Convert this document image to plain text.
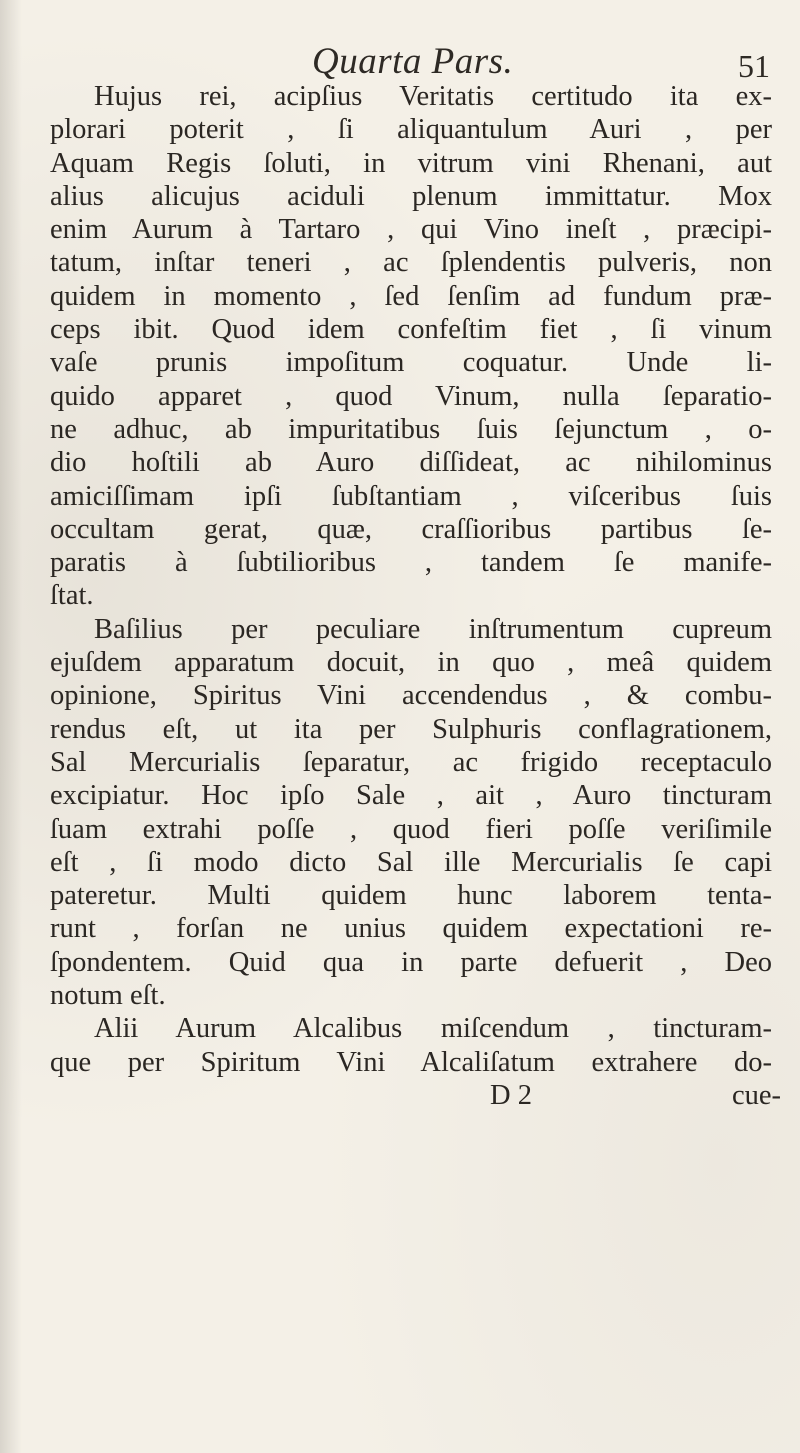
Quarta Pars.	51
Hujus rei, acipſius Veritatis certitudo ita ex-
plorari poterit , ſi aliquantulum Auri , per
Aquam Regis ſoluti, in vitrum vini Rhenani, aut
alius alicujus aciduli plenum immittatur. Mox
enim Aurum à Tartaro , qui Vino ineſt , præcipi-
tatum, inſtar teneri , ac ſplendentis pulveris, non
quidem in momento , ſed ſenſim ad fundum præ-
ceps ibit. Quod idem confeſtim fiet , ſi vinum
vaſe prunis impoſitum coquatur. Unde li-
quido apparet , quod Vinum, nulla ſeparatio-
ne adhuc, ab impuritatibus ſuis ſejunctum , o-
dio hoſtili ab Auro diſſideat, ac nihilominus
amiciſſimam ipſi ſubſtantiam , viſceribus ſuis
occultam gerat, quæ, craſſioribus partibus ſe-
paratis à ſubtilioribus , tandem ſe manife-
ſtat.
Baſilius per peculiare inſtrumentum cupreum
ejuſdem apparatum docuit, in quo , meâ quidem
opinione, Spiritus Vini accendendus , & combu-
rendus eſt, ut ita per Sulphuris conflagrationem,
Sal Mercurialis ſeparatur, ac frigido receptaculo
excipiatur. Hoc ipſo Sale , ait , Auro tincturam
ſuam extrahi poſſe , quod fieri poſſe veriſimile
eſt , ſi modo dicto Sal ille Mercurialis ſe capi
pateretur. Multi quidem hunc laborem tenta-
runt , forſan ne unius quidem expectationi re-
ſpondentem. Quid qua in parte defuerit , Deo
notum eſt.
Alii Aurum Alcalibus miſcendum , tincturam-
que per Spiritum Vini Alcaliſatum extrahere do-
D 2	cue-
